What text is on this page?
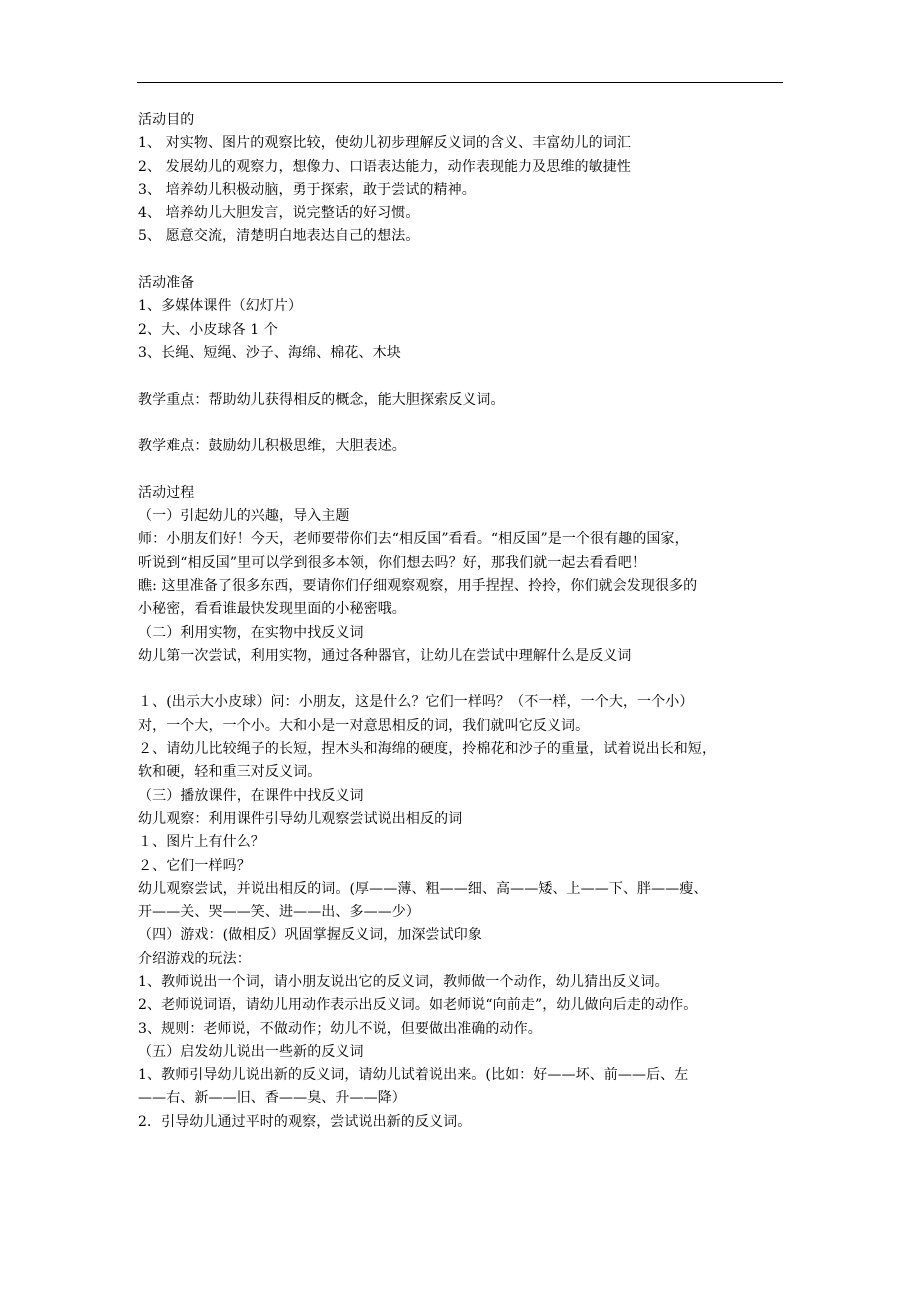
活动目的
1、 对实物、图片的观察比较，使幼儿初步理解反义词的含义、丰富幼儿的词汇
2、 发展幼儿的观察力，想像力、口语表达能力，动作表现能力及思维的敏捷性
3、 培养幼儿积极动脑，勇于探索，敢于尝试的精神。
4、 培养幼儿大胆发言，说完整话的好习惯。
5、 愿意交流，清楚明白地表达自己的想法。
活动准备
1、多媒体课件（幻灯片）
2、大、小皮球各 1 个
3、长绳、短绳、沙子、海绵、棉花、木块
教学重点：帮助幼儿获得相反的概念，能大胆探索反义词。
教学难点：鼓励幼儿积极思维，大胆表述。
活动过程
（一）引起幼儿的兴趣，导入主题
师：小朋友们好！今天，老师要带你们去“相反国”看看。“相反国”是一个很有趣的国家，
听说到“相反国”里可以学到很多本领，你们想去吗？好，那我们就一起去看看吧！
瞧: 这里准备了很多东西，要请你们仔细观察观察，用手捏捏、拎拎，你们就会发现很多的
小秘密，看看谁最快发现里面的小秘密哦。
（二）利用实物，在实物中找反义词
幼儿第一次尝试，利用实物，通过各种器官，让幼儿在尝试中理解什么是反义词
１、(出示大小皮球）问：小朋友，这是什么？它们一样吗？（不一样，一个大，一个小）
对，一个大，一个小。大和小是一对意思相反的词，我们就叫它反义词。
２、请幼儿比较绳子的长短，捏木头和海绵的硬度，拎棉花和沙子的重量，试着说出长和短，
软和硬，轻和重三对反义词。
（三）播放课件，在课件中找反义词
幼儿观察：利用课件引导幼儿观察尝试说出相反的词
１、图片上有什么？
２、它们一样吗？
幼儿观察尝试，并说出相反的词。(厚——薄、粗——细、高——矮、上——下、胖——瘦、
开——关、哭——笑、进——出、多——少）
（四）游戏：(做相反）巩固掌握反义词，加深尝试印象
介绍游戏的玩法：
1、教师说出一个词，请小朋友说出它的反义词，教师做一个动作，幼儿猜出反义词。
2、老师说词语，请幼儿用动作表示出反义词。如老师说“向前走”，幼儿做向后走的动作。
3、规则：老师说，不做动作；幼儿不说，但要做出准确的动作。
（五）启发幼儿说出一些新的反义词
1、教师引导幼儿说出新的反义词，请幼儿试着说出来。(比如：好——坏、前——后、左
——右、新——旧、香——臭、升——降）
2．引导幼儿通过平时的观察，尝试说出新的反义词。
